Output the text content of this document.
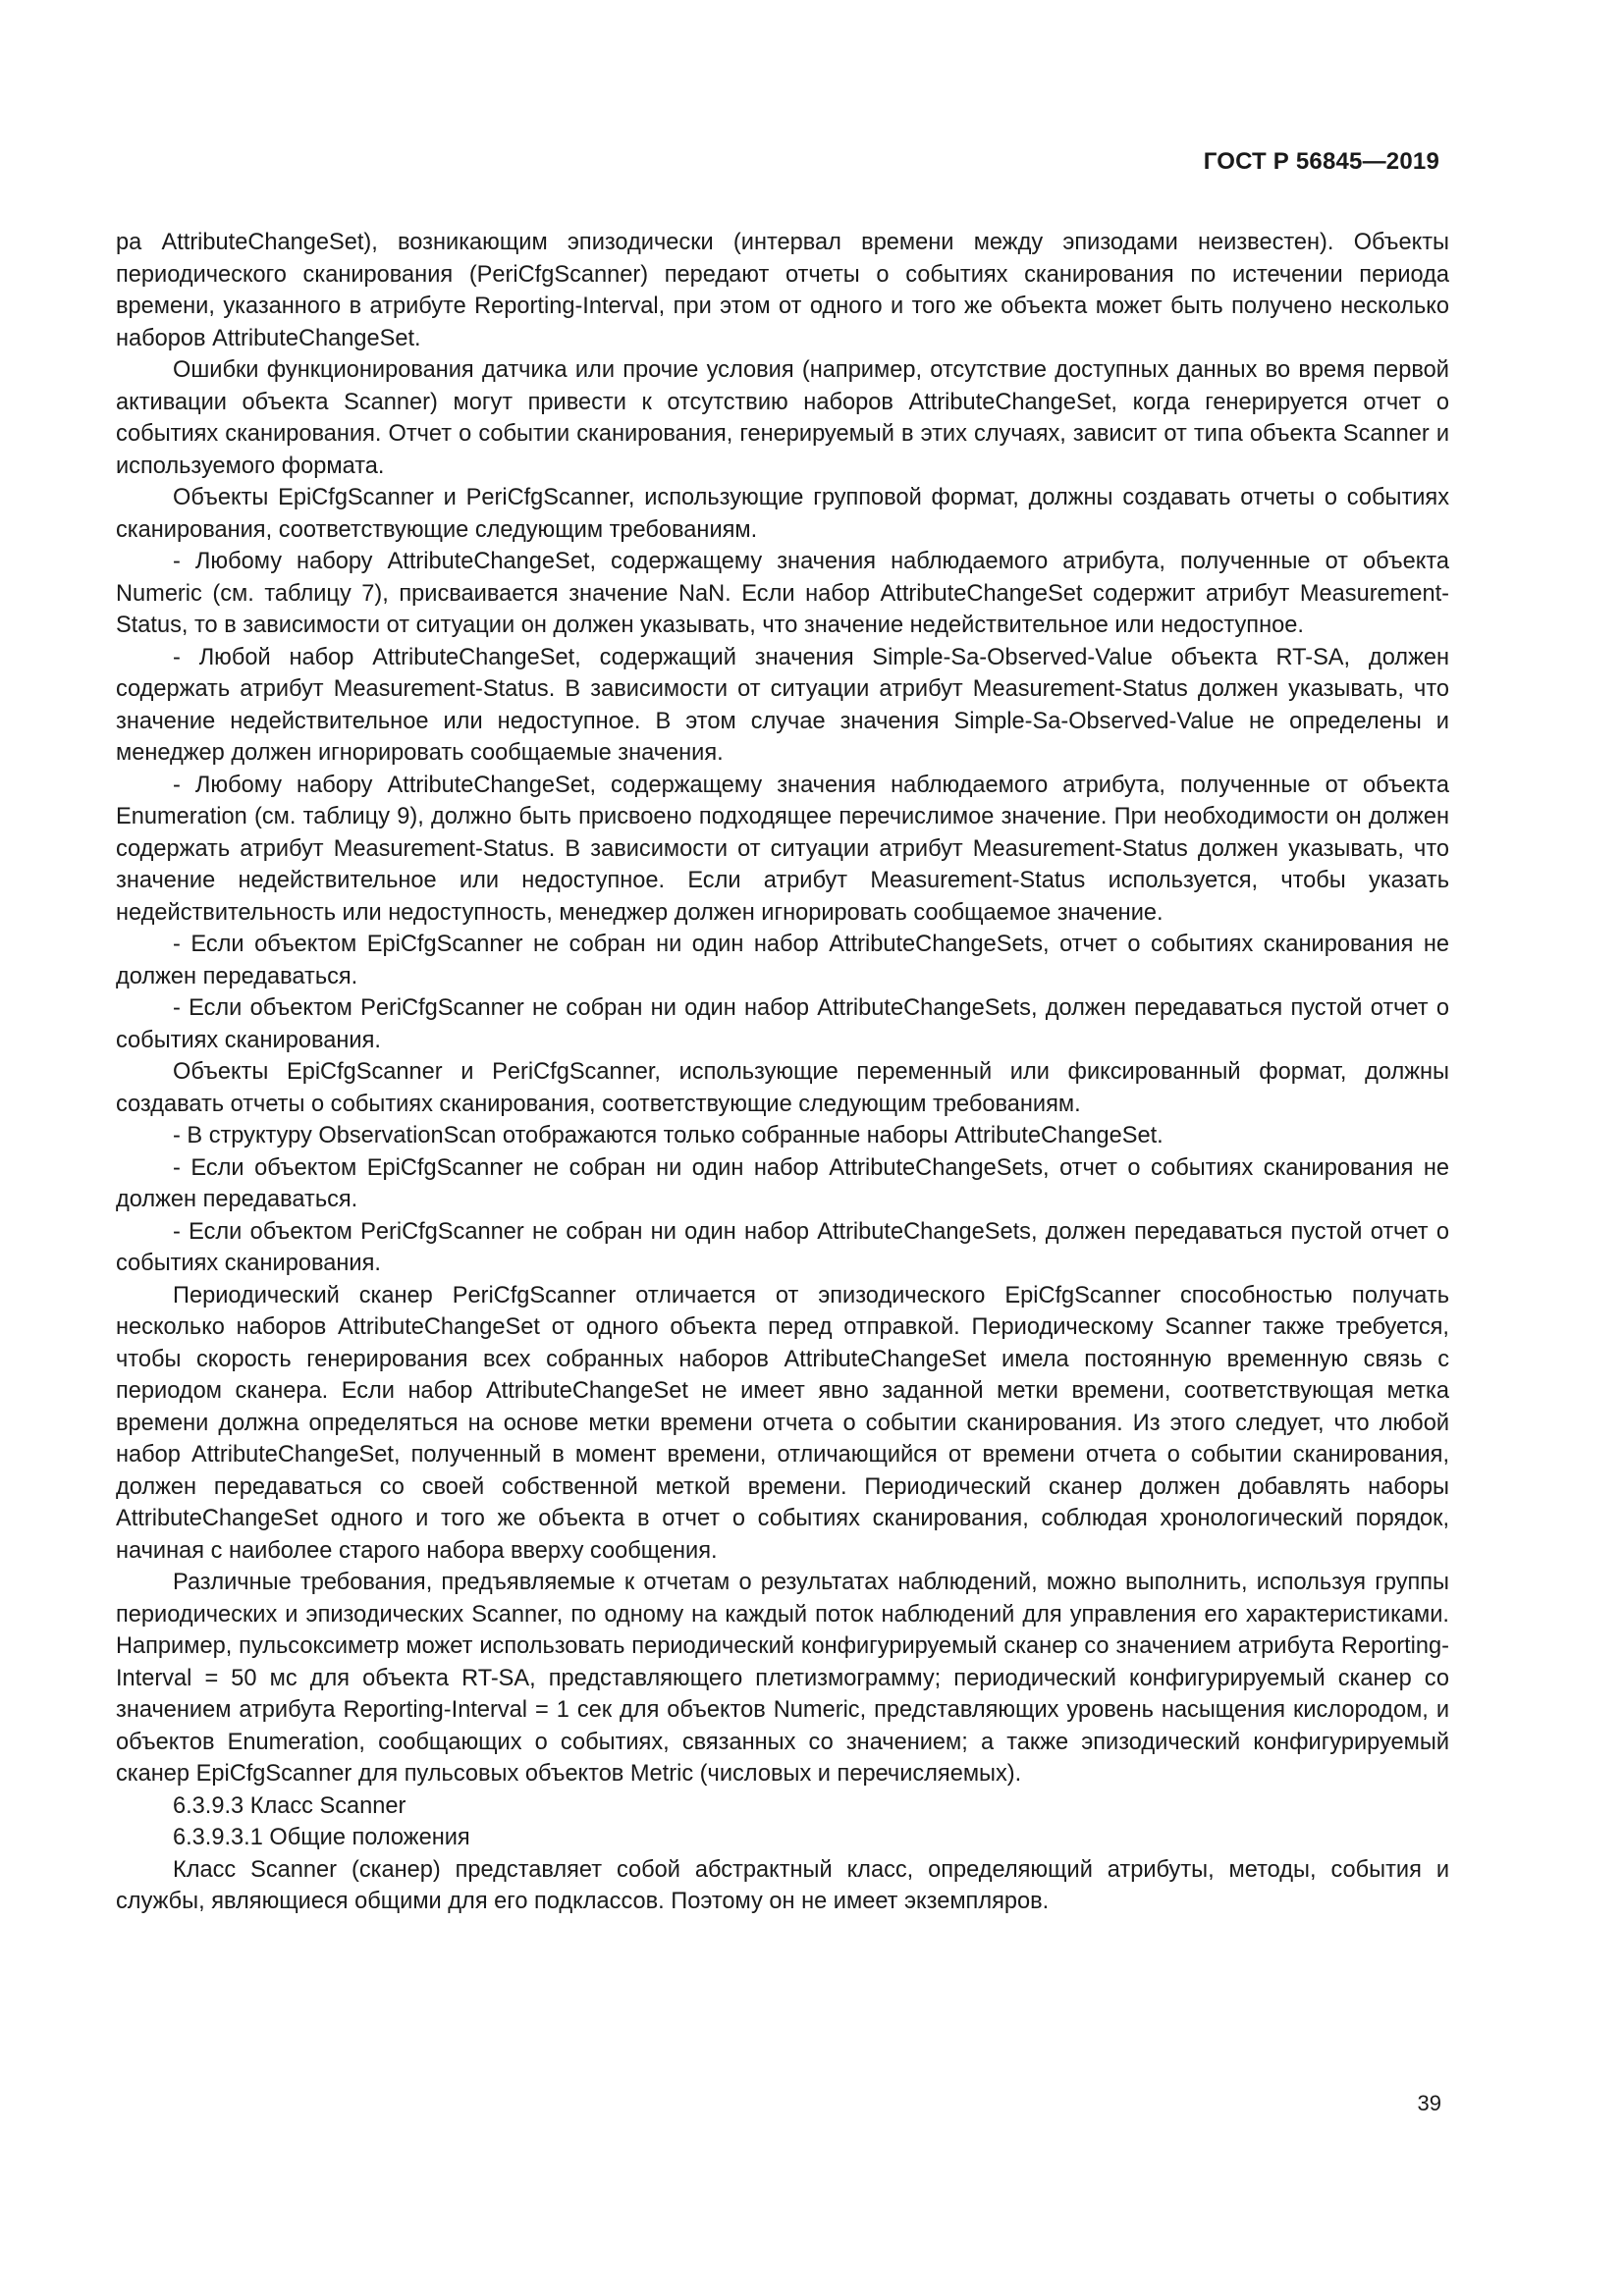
ГОСТ Р 56845—2019

ра AttributeChangeSet), возникающим эпизодически (интервал времени между эпизодами неизвестен). Объекты периодического сканирования (PeriCfgScanner) передают отчеты о событиях сканирования по истечении периода времени, указанного в атрибуте Reporting-Interval, при этом от одного и того же объекта может быть получено несколько наборов AttributeChangeSet.

Ошибки функционирования датчика или прочие условия (например, отсутствие доступных данных во время первой активации объекта Scanner) могут привести к отсутствию наборов AttributeChangeSet, когда генерируется отчет о событиях сканирования. Отчет о событии сканирования, генерируемый в этих случаях, зависит от типа объекта Scanner и используемого формата.

Объекты EpiCfgScanner и PeriCfgScanner, использующие групповой формат, должны создавать отчеты о событиях сканирования, соответствующие следующим требованиям.

- Любому набору AttributeChangeSet, содержащему значения наблюдаемого атрибута, полученные от объекта Numeric (см. таблицу 7), присваивается значение NaN. Если набор AttributeChangeSet содержит атрибут Measurement-Status, то в зависимости от ситуации он должен указывать, что значение недействительное или недоступное.

- Любой набор AttributeChangeSet, содержащий значения Simple-Sa-Observed-Value объекта RT-SA, должен содержать атрибут Measurement-Status. В зависимости от ситуации атрибут Measurement-Status должен указывать, что значение недействительное или недоступное. В этом случае значения Simple-Sa-Observed-Value не определены и менеджер должен игнорировать сообщаемые значения.

- Любому набору AttributeChangeSet, содержащему значения наблюдаемого атрибута, полученные от объекта Enumeration (см. таблицу 9), должно быть присвоено подходящее перечислимое значение. При необходимости он должен содержать атрибут Measurement-Status. В зависимости от ситуации атрибут Measurement-Status должен указывать, что значение недействительное или недоступное. Если атрибут Measurement-Status используется, чтобы указать недействительность или недоступность, менеджер должен игнорировать сообщаемое значение.

- Если объектом EpiCfgScanner не собран ни один набор AttributeChangeSets, отчет о событиях сканирования не должен передаваться.

- Если объектом PeriCfgScanner не собран ни один набор AttributeChangeSets, должен передаваться пустой отчет о событиях сканирования.

Объекты EpiCfgScanner и PeriCfgScanner, использующие переменный или фиксированный формат, должны создавать отчеты о событиях сканирования, соответствующие следующим требованиям.

- В структуру ObservationScan отображаются только собранные наборы AttributeChangeSet.

- Если объектом EpiCfgScanner не собран ни один набор AttributeChangeSets, отчет о событиях сканирования не должен передаваться.

- Если объектом PeriCfgScanner не собран ни один набор AttributeChangeSets, должен передаваться пустой отчет о событиях сканирования.

Периодический сканер PeriCfgScanner отличается от эпизодического EpiCfgScanner способностью получать несколько наборов AttributeChangeSet от одного объекта перед отправкой. Периодическому Scanner также требуется, чтобы скорость генерирования всех собранных наборов AttributeChangeSet имела постоянную временную связь с периодом сканера. Если набор AttributeChangeSet не имеет явно заданной метки времени, соответствующая метка времени должна определяться на основе метки времени отчета о событии сканирования. Из этого следует, что любой набор AttributeChangeSet, полученный в момент времени, отличающийся от времени отчета о событии сканирования, должен передаваться со своей собственной меткой времени. Периодический сканер должен добавлять наборы AttributeChangeSet одного и того же объекта в отчет о событиях сканирования, соблюдая хронологический порядок, начиная с наиболее старого набора вверху сообщения.

Различные требования, предъявляемые к отчетам о результатах наблюдений, можно выполнить, используя группы периодических и эпизодических Scanner, по одному на каждый поток наблюдений для управления его характеристиками. Например, пульсоксиметр может использовать периодический конфигурируемый сканер со значением атрибута Reporting-Interval = 50 мс для объекта RT-SA, представляющего плетизмограмму; периодический конфигурируемый сканер со значением атрибута Reporting-Interval = 1 сек для объектов Numeric, представляющих уровень насыщения кислородом, и объектов Enumeration, сообщающих о событиях, связанных со значением; а также эпизодический конфигурируемый сканер EpiCfgScanner для пульсовых объектов Metric (числовых и перечисляемых).

6.3.9.3 Класс Scanner

6.3.9.3.1 Общие положения

Класс Scanner (сканер) представляет собой абстрактный класс, определяющий атрибуты, методы, события и службы, являющиеся общими для его подклассов. Поэтому он не имеет экземпляров.

39
